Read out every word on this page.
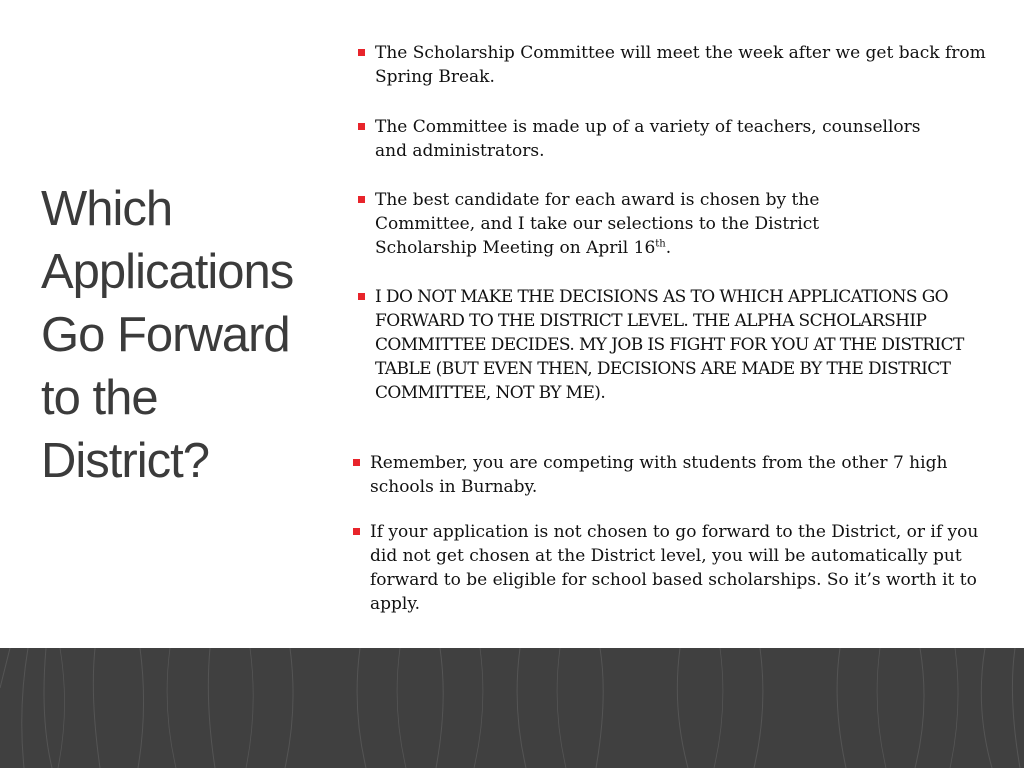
Which
Applications
Go Forward
to the
District?
The Scholarship Committee will meet the week after we get back from Spring Break.
The Committee is made up of a variety of teachers, counsellors and administrators.
The best candidate for each award is chosen by the Committee, and I take our selections to the District Scholarship Meeting on April 16th.
I DO NOT MAKE THE DECISIONS AS TO WHICH APPLICATIONS GO FORWARD TO THE DISTRICT LEVEL. THE ALPHA SCHOLARSHIP COMMITTEE DECIDES. MY JOB IS FIGHT FOR YOU AT THE DISTRICT TABLE (BUT EVEN THEN, DECISIONS ARE MADE BY THE DISTRICT COMMITTEE, NOT BY ME).
Remember, you are competing with students from the other 7 high schools in Burnaby.
If your application is not chosen to go forward to the District, or if you did not get chosen at the District level, you will be automatically put forward to be eligible for school based scholarships. So it’s worth it to apply.
